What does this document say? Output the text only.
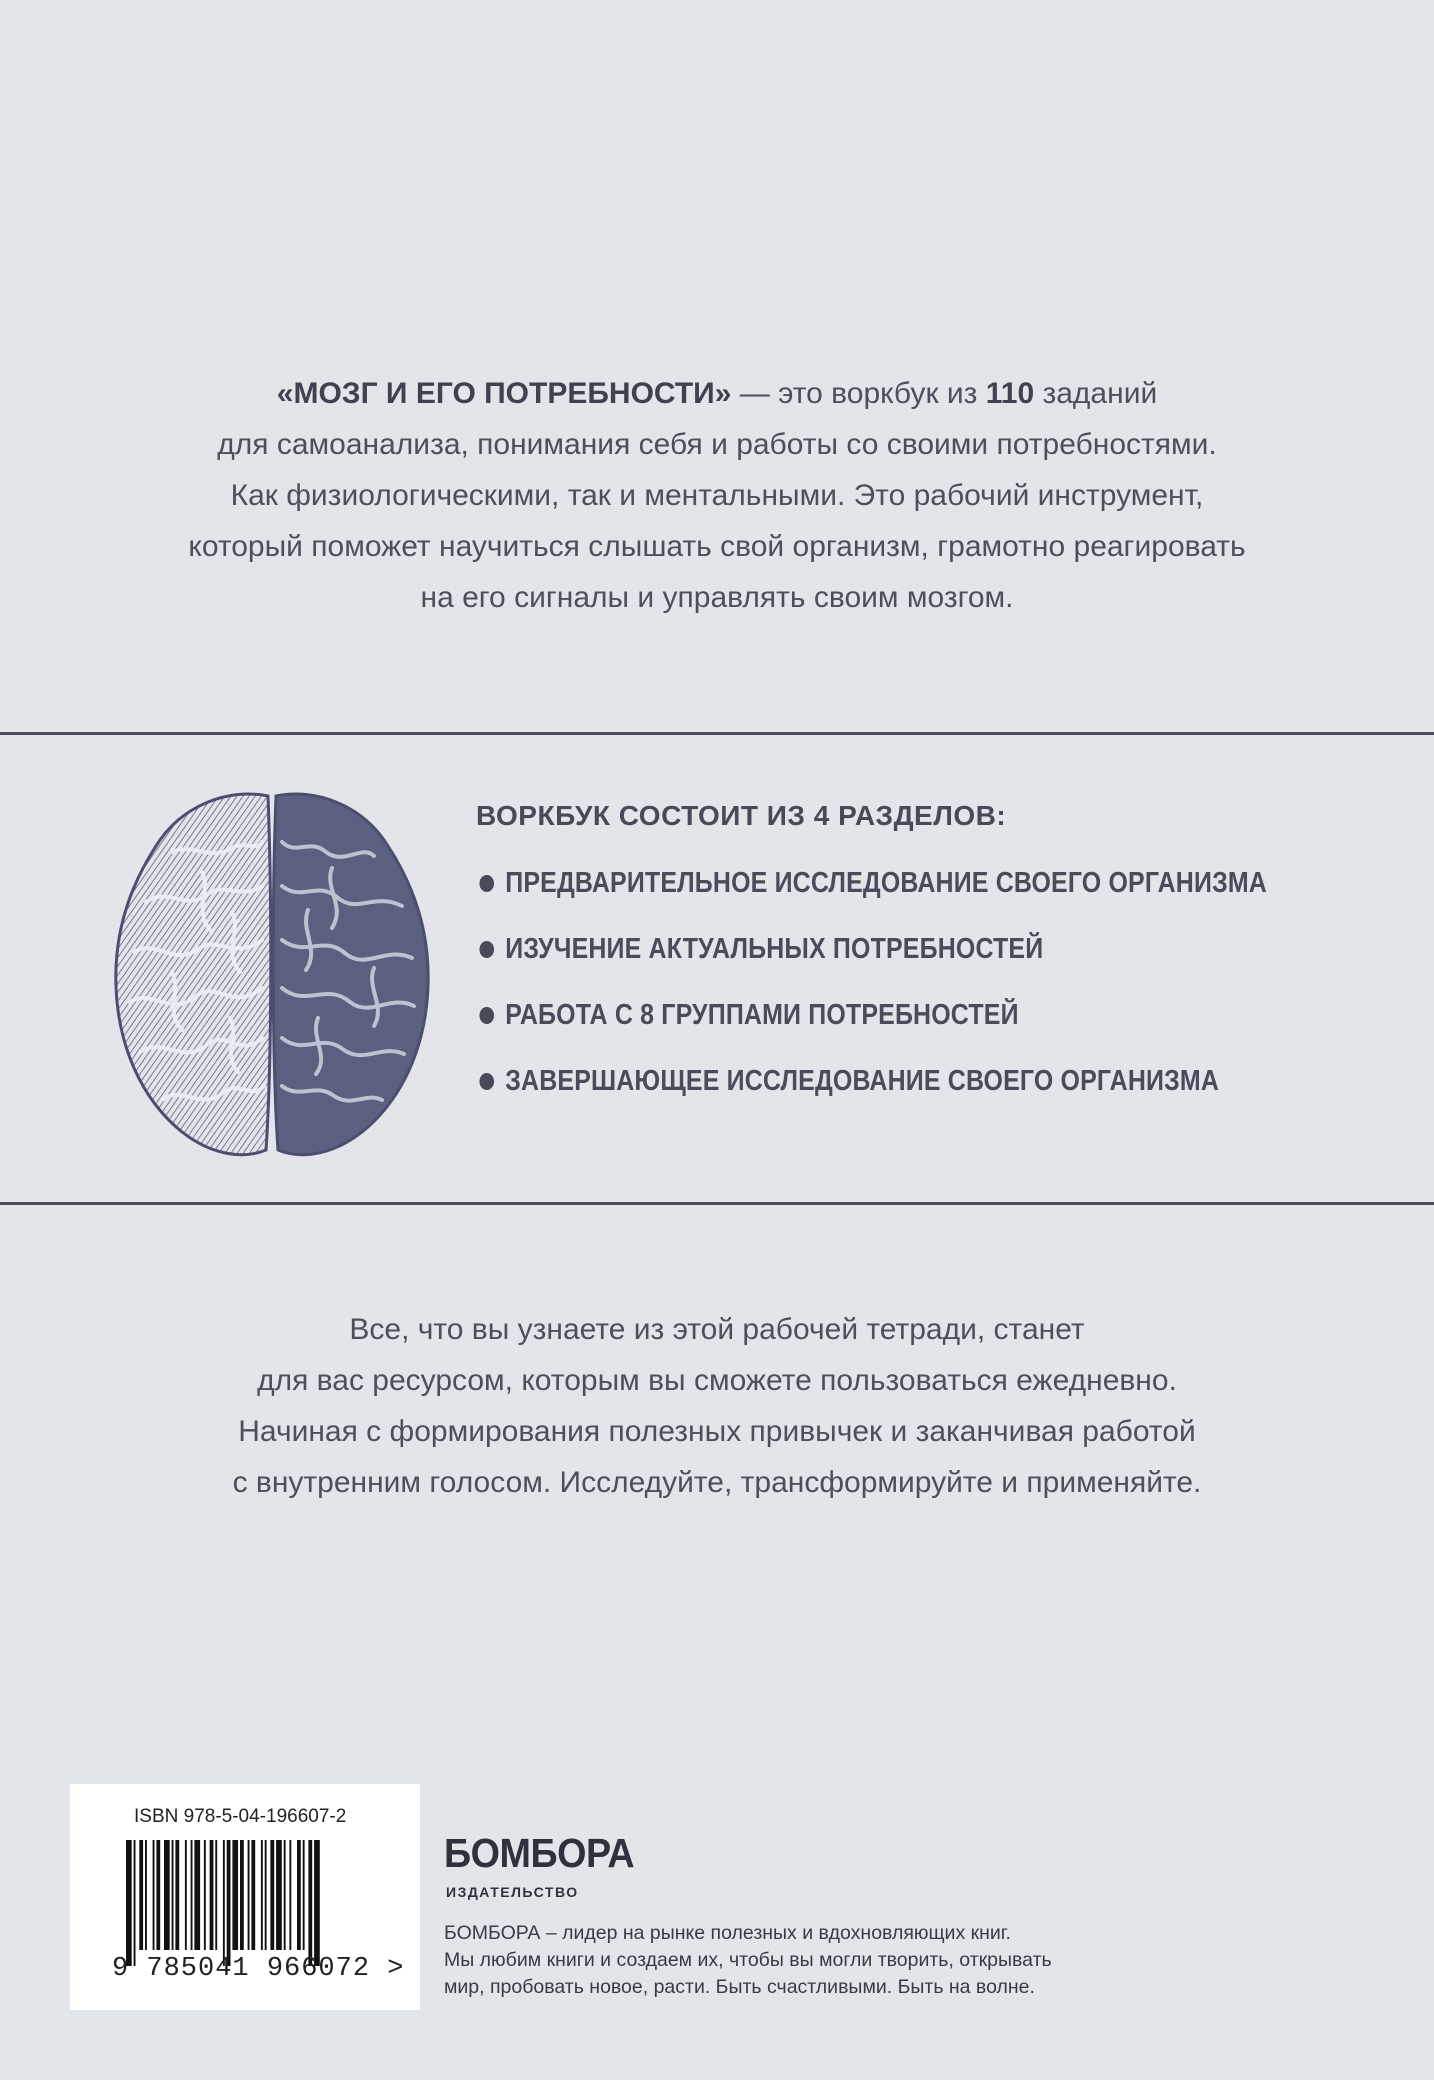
«МОЗГ И ЕГО ПОТРЕБНОСТИ» — это воркбук из 110 заданий

для самоанализа, понимания себя и работы со своими потребностями.

Как физиологическими, так и ментальными. Это рабочий инструмент,

который поможет научиться слышать свой организм, грамотно реагировать

на его сигналы и управлять своим мозгом.

ВОРКБУК СОСТОИТ ИЗ 4 РАЗДЕЛОВ:
ПРЕДВАРИТЕЛЬНОЕ ИССЛЕДОВАНИЕ СВОЕГО ОРГАНИЗМА
ИЗУЧЕНИЕ АКТУАЛЬНЫХ ПОТРЕБНОСТЕЙ
РАБОТА С 8 ГРУППАМИ ПОТРЕБНОСТЕЙ
ЗАВЕРШАЮЩЕЕ ИССЛЕДОВАНИЕ СВОЕГО ОРГАНИЗМА

Все, что вы узнаете из этой рабочей тетради, станет

для вас ресурсом, которым вы сможете пользоваться ежедневно.

Начиная с формирования полезных привычек и заканчивая работой

с внутренним голосом. Исследуйте, трансформируйте и применяйте.

ISBN 978-5-04-196607-2
9 785041 966072 >
БОМБОРА
ИЗДАТЕЛЬСТВО

БОМБОРА – лидер на рынке полезных и вдохновляющих книг.

Мы любим книги и создаем их, чтобы вы могли творить, открывать

мир, пробовать новое, расти. Быть счастливыми. Быть на волне.
